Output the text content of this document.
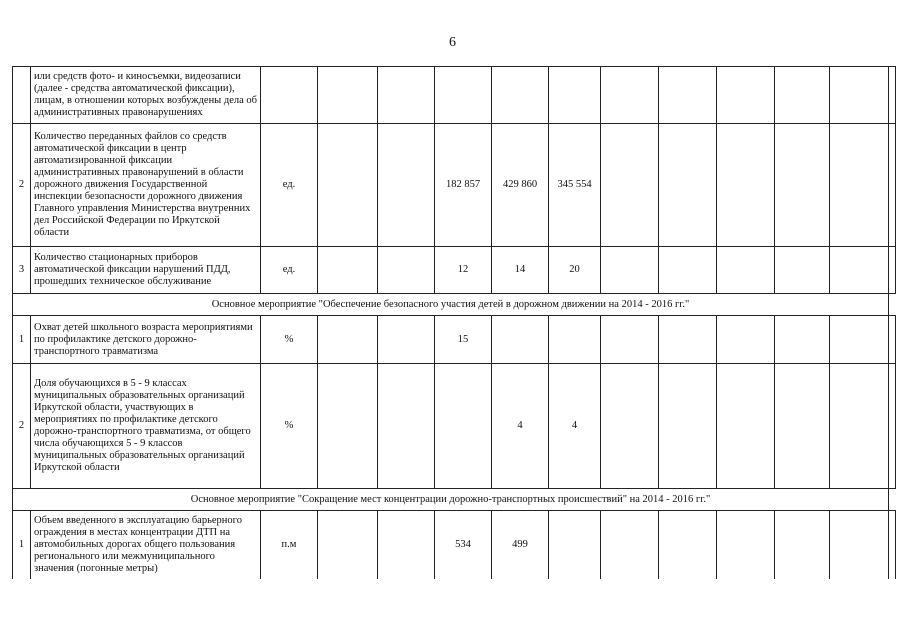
6
	или средств фото- и киносъемки, видеозаписи (далее - средства автоматической фиксации), лицам, в отношении которых возбуждены дела об административных правонарушениях												
2	Количество переданных файлов со средств автоматической фиксации в центр автоматизированной фиксации административных правонарушений в области дорожного движения Государственной инспекции безопасности дорожного движения Главного управления Министерства внутренних дел Российской Федерации по Иркутской области	ед.			182 857	429 860	345 554						
3	Количество стационарных приборов автоматической фиксации нарушений ПДД, прошедших техническое обслуживание	ед.			12	14	20						
Основное мероприятие "Обеспечение безопасного участия детей в дорожном движении на 2014 - 2016 гг."													
1	Охват детей школьного возраста мероприятиями по профилактике детского дорожно-транспортного травматизма	%			15								
2	Доля обучающихся в 5 - 9 классах муниципальных образовательных организаций Иркутской области, участвующих в мероприятиях по профилактике детского дорожно-транспортного травматизма, от общего числа обучающихся 5 - 9 классов муниципальных образовательных организаций Иркутской области	%				4	4						
Основное мероприятие "Сокращение мест концентрации дорожно-транспортных происшествий" на 2014 - 2016 гг."													
1	Объем введенного в эксплуатацию барьерного ограждения в местах концентрации ДТП на автомобильных дорогах общего пользования регионального или межмуниципального значения (погонные метры)	п.м			534	499							
